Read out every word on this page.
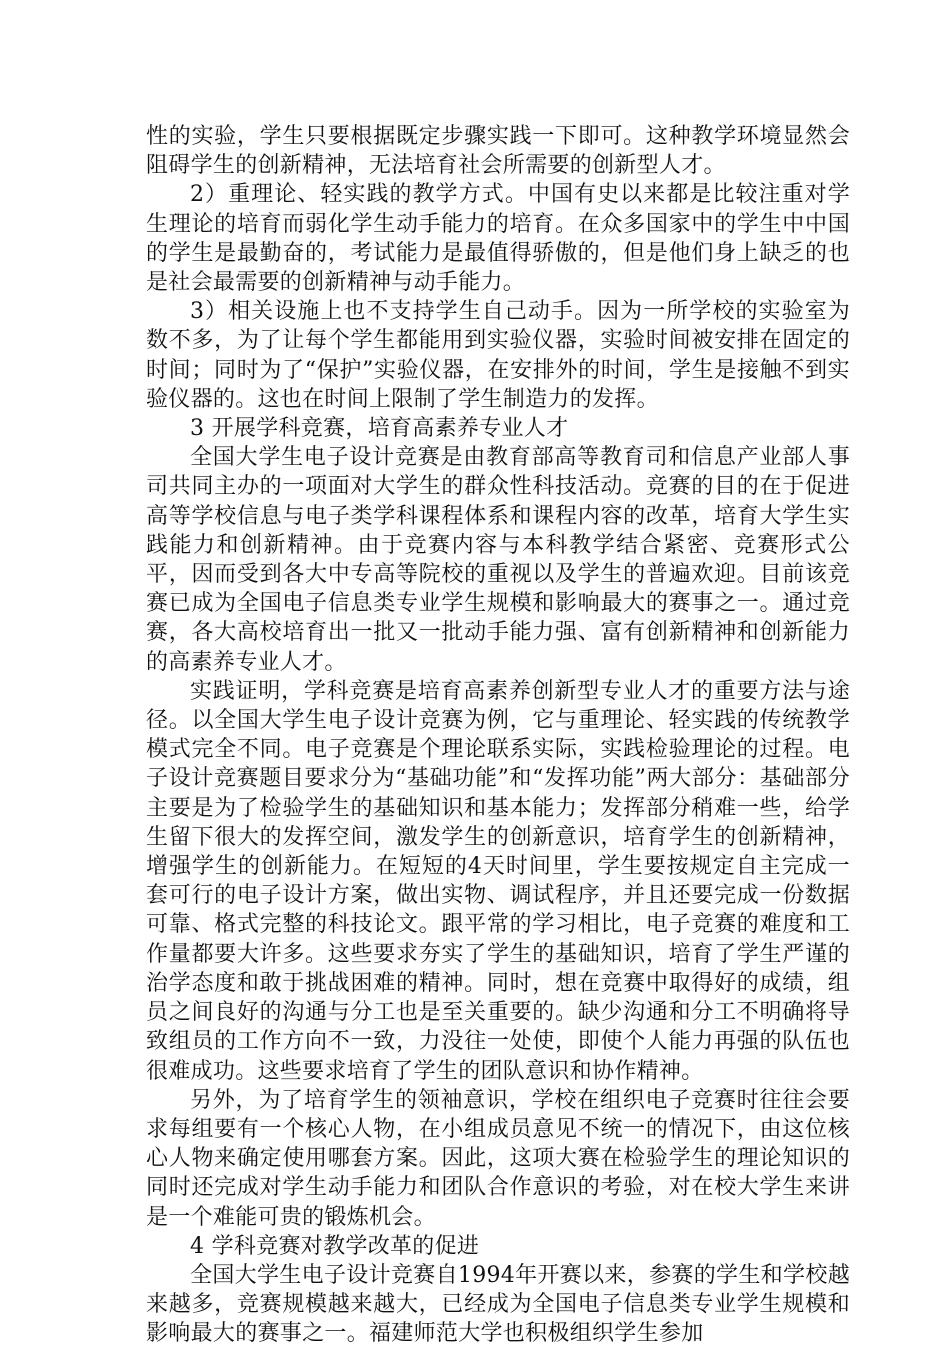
性的实验，学生只要根据既定步骤实践一下即可。这种教学环境显然会阻碍学生的创新精神，无法培育社会所需要的创新型人才。

2）重理论、轻实践的教学方式。中国有史以来都是比较注重对学生理论的培育而弱化学生动手能力的培育。在众多国家中的学生中中国的学生是最勤奋的，考试能力是最值得骄傲的，但是他们身上缺乏的也是社会最需要的创新精神与动手能力。

3）相关设施上也不支持学生自己动手。因为一所学校的实验室为数不多，为了让每个学生都能用到实验仪器，实验时间被安排在固定的时间；同时为了“保护”实验仪器，在安排外的时间，学生是接触不到实验仪器的。这也在时间上限制了学生制造力的发挥。

3 开展学科竞赛，培育高素养专业人才

全国大学生电子设计竞赛是由教育部高等教育司和信息产业部人事司共同主办的一项面对大学生的群众性科技活动。竞赛的目的在于促进高等学校信息与电子类学科课程体系和课程内容的改革，培育大学生实践能力和创新精神。由于竞赛内容与本科教学结合紧密、竞赛形式公平，因而受到各大中专高等院校的重视以及学生的普遍欢迎。目前该竞赛已成为全国电子信息类专业学生规模和影响最大的赛事之一。通过竞赛，各大高校培育出一批又一批动手能力强、富有创新精神和创新能力的高素养专业人才。

实践证明，学科竞赛是培育高素养创新型专业人才的重要方法与途径。以全国大学生电子设计竞赛为例，它与重理论、轻实践的传统教学模式完全不同。电子竞赛是个理论联系实际，实践检验理论的过程。电子设计竞赛题目要求分为“基础功能”和“发挥功能”两大部分：基础部分主要是为了检验学生的基础知识和基本能力；发挥部分稍难一些，给学生留下很大的发挥空间，激发学生的创新意识，培育学生的创新精神，增强学生的创新能力。在短短的4天时间里，学生要按规定自主完成一套可行的电子设计方案，做出实物、调试程序，并且还要完成一份数据可靠、格式完整的科技论文。跟平常的学习相比，电子竞赛的难度和工作量都要大许多。这些要求夯实了学生的基础知识，培育了学生严谨的治学态度和敢于挑战困难的精神。同时，想在竞赛中取得好的成绩，组员之间良好的沟通与分工也是至关重要的。缺少沟通和分工不明确将导致组员的工作方向不一致，力没往一处使，即使个人能力再强的队伍也很难成功。这些要求培育了学生的团队意识和协作精神。

另外，为了培育学生的领袖意识，学校在组织电子竞赛时往往会要求每组要有一个核心人物，在小组成员意见不统一的情况下，由这位核心人物来确定使用哪套方案。因此，这项大赛在检验学生的理论知识的同时还完成对学生动手能力和团队合作意识的考验，对在校大学生来讲是一个难能可贵的锻炼机会。

4 学科竞赛对教学改革的促进

全国大学生电子设计竞赛自1994年开赛以来，参赛的学生和学校越来越多，竞赛规模越来越大，已经成为全国电子信息类专业学生规模和影响最大的赛事之一。福建师范大学也积极组织学生参加
